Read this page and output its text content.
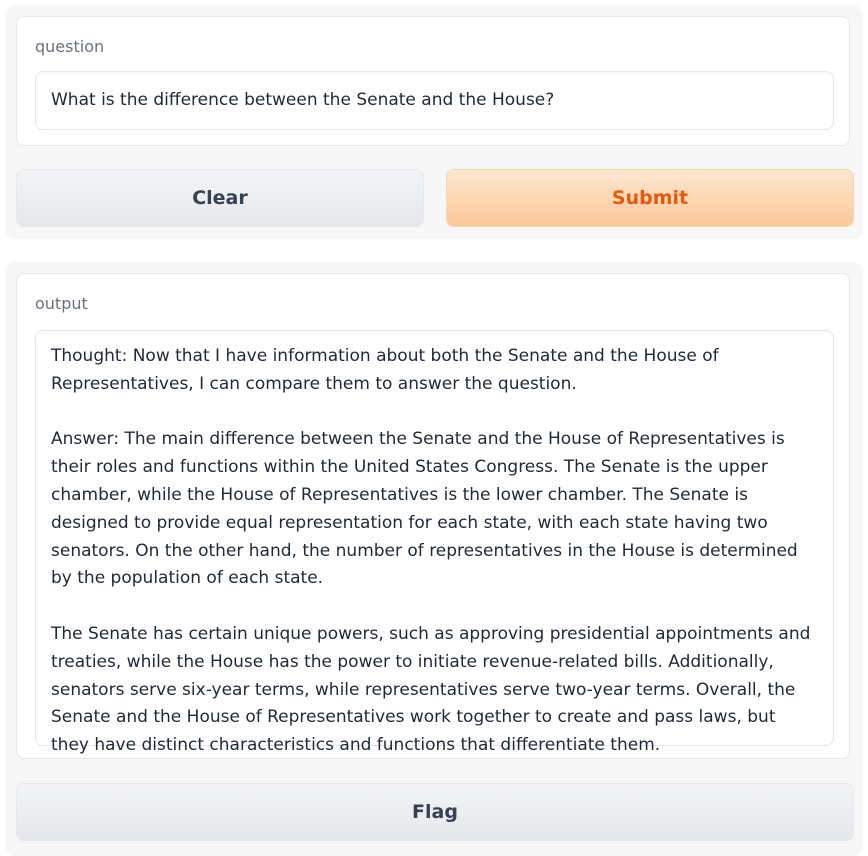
question
What is the difference between the Senate and the House?
Clear	Submit
output

Thought: Now that I have information about both the Senate and the House of Representatives, I can compare them to answer the question.

Answer: The main difference between the Senate and the House of Representatives is their roles and functions within the United States Congress. The Senate is the upper chamber, while the House of Representatives is the lower chamber. The Senate is designed to provide equal representation for each state, with each state having two senators. On the other hand, the number of representatives in the House is determined by the population of each state.

The Senate has certain unique powers, such as approving presidential appointments and treaties, while the House has the power to initiate revenue-related bills. Additionally, senators serve six-year terms, while representatives serve two-year terms. Overall, the Senate and the House of Representatives work together to create and pass laws, but they have distinct characteristics and functions that differentiate them.

Flag
